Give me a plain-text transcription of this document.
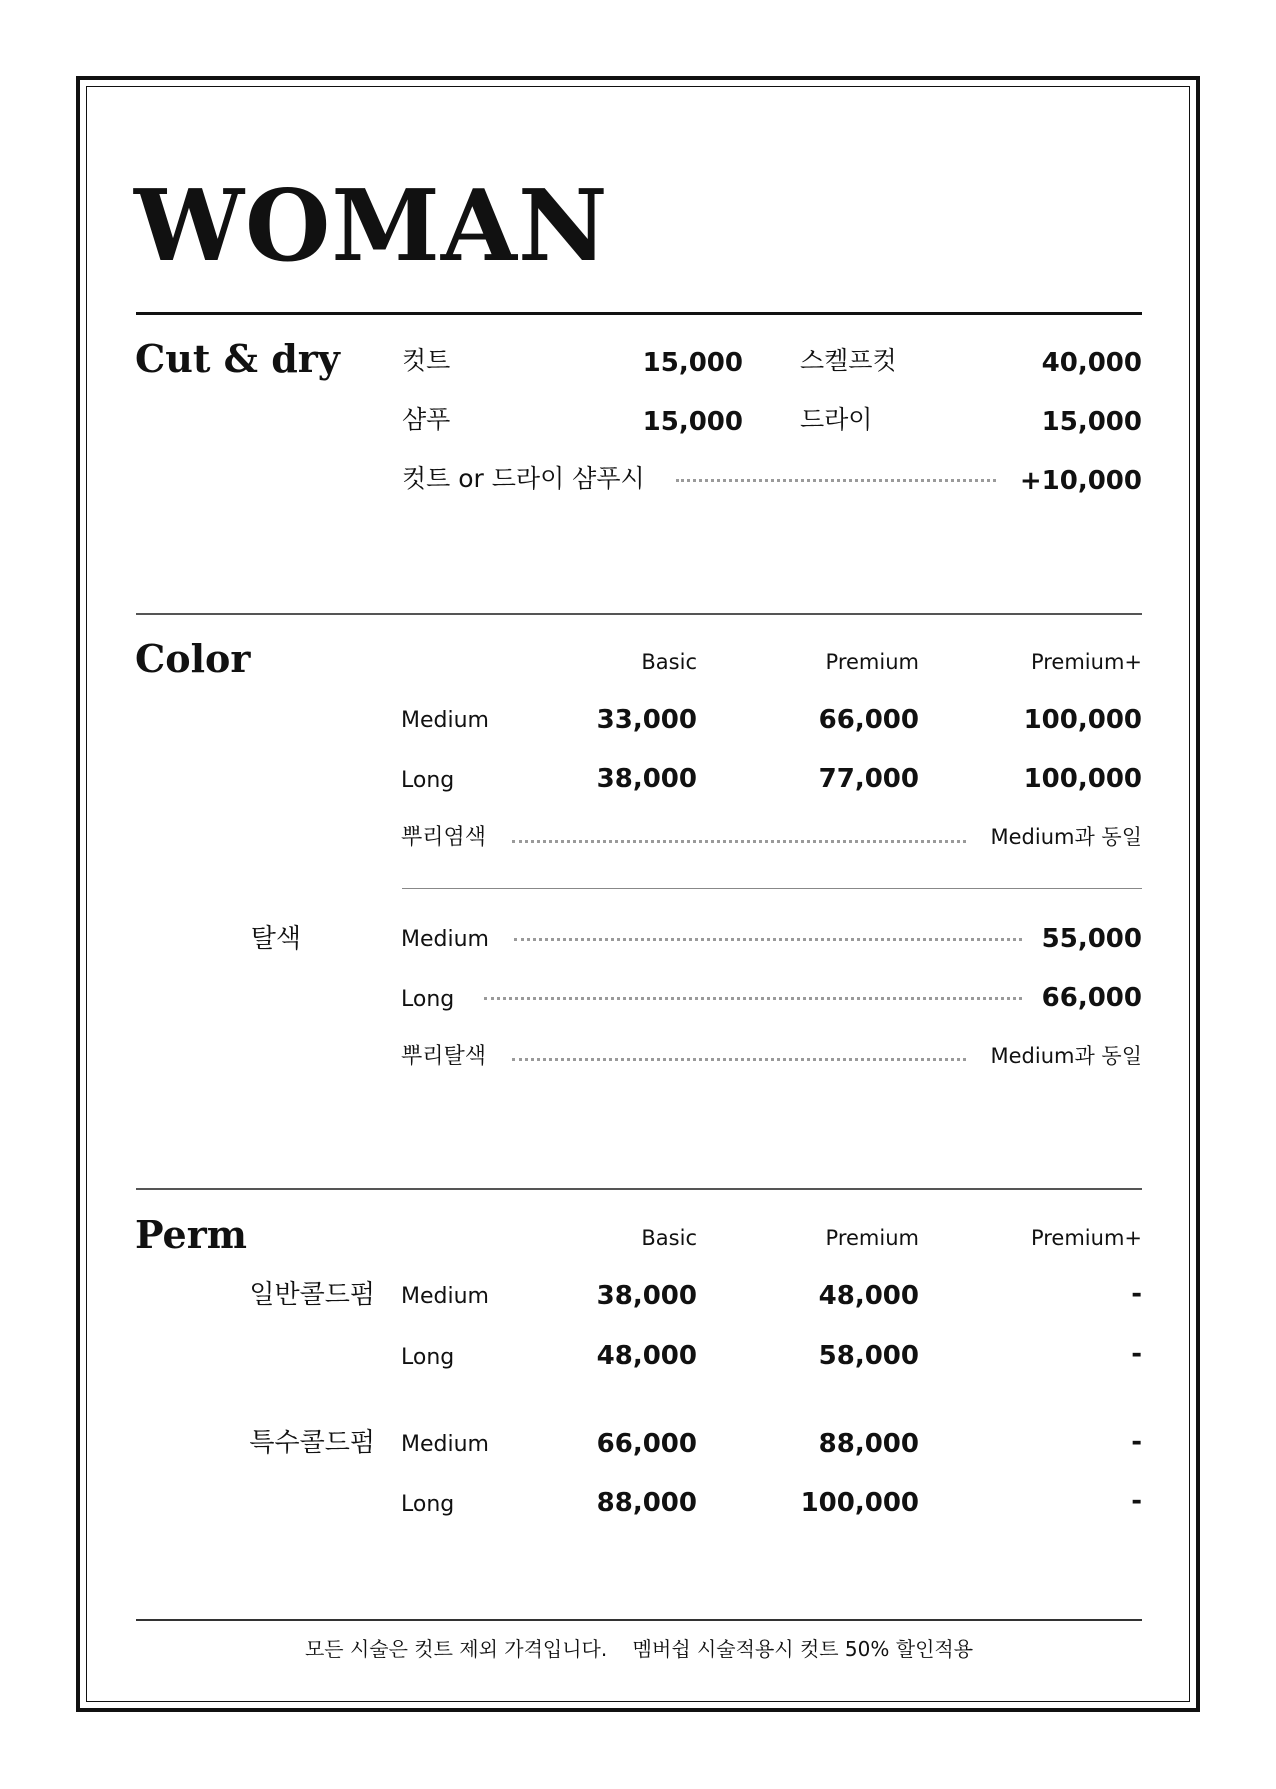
WOMAN
Cut & dry 컷트	15,000 스켈프컷	40,000
샴푸	15,000 드라이	15,000
컷트 or 드라이 샴푸시	+10,000
Color	Basic	Premium	Premium+
Medium	33,000	66,000	100,000
Long	38,000	77,000	100,000
뿌리염색	Medium과 동일
탈색	Medium	55,000
Long	66,000
뿌리탈색	Medium과 동일
Perm	Basic	Premium	Premium+
일반콜드펌 Medium	38,000	48,000	-
Long	48,000	58,000	-
특수콜드펌 Medium	66,000	88,000	-
Long	88,000	100,000	-
모든 시술은 컷트 제외 가격입니다.    멤버쉽 시술적용시 컷트 50% 할인적용
